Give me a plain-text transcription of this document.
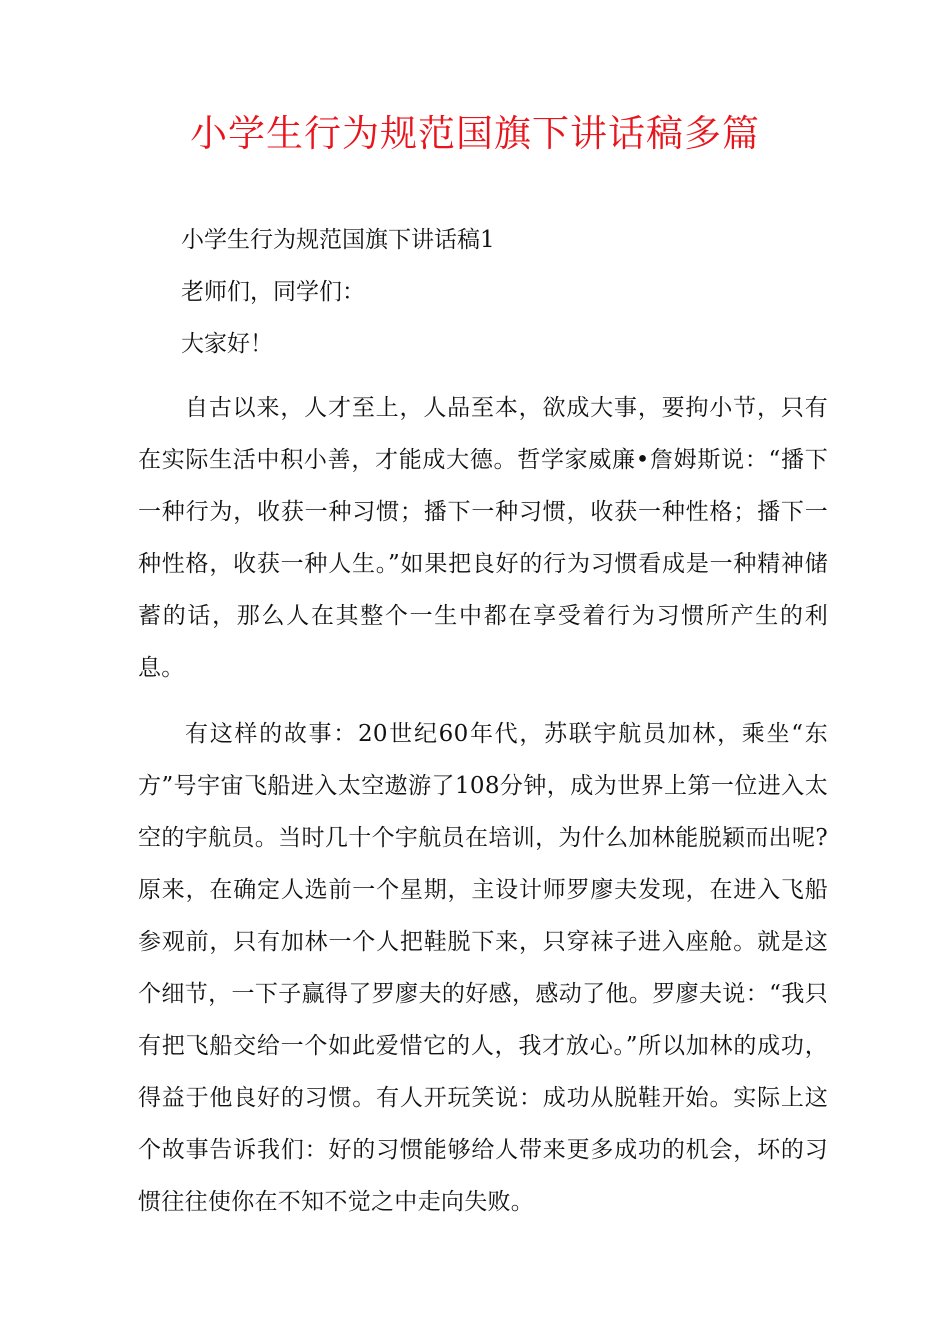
小学生行为规范国旗下讲话稿多篇

小学生行为规范国旗下讲话稿1

老师们，同学们：

大家好！

自古以来，人才至上，人品至本，欲成大事，要拘小节，只有在实际生活中积小善，才能成大德。哲学家威廉•詹姆斯说：“播下一种行为，收获一种习惯；播下一种习惯，收获一种性格；播下一种性格，收获一种人生。”如果把良好的行为习惯看成是一种精神储蓄的话，那么人在其整个一生中都在享受着行为习惯所产生的利息。

有这样的故事：20世纪60年代，苏联宇航员加林，乘坐“东方”号宇宙飞船进入太空遨游了108分钟，成为世界上第一位进入太空的宇航员。当时几十个宇航员在培训，为什么加林能脱颖而出呢?原来，在确定人选前一个星期，主设计师罗廖夫发现，在进入飞船参观前，只有加林一个人把鞋脱下来，只穿袜子进入座舱。就是这个细节，一下子赢得了罗廖夫的好感，感动了他。罗廖夫说：“我只有把飞船交给一个如此爱惜它的人，我才放心。”所以加林的成功，得益于他良好的习惯。有人开玩笑说：成功从脱鞋开始。实际上这个故事告诉我们：好的习惯能够给人带来更多成功的机会，坏的习惯往往使你在不知不觉之中走向失败。
